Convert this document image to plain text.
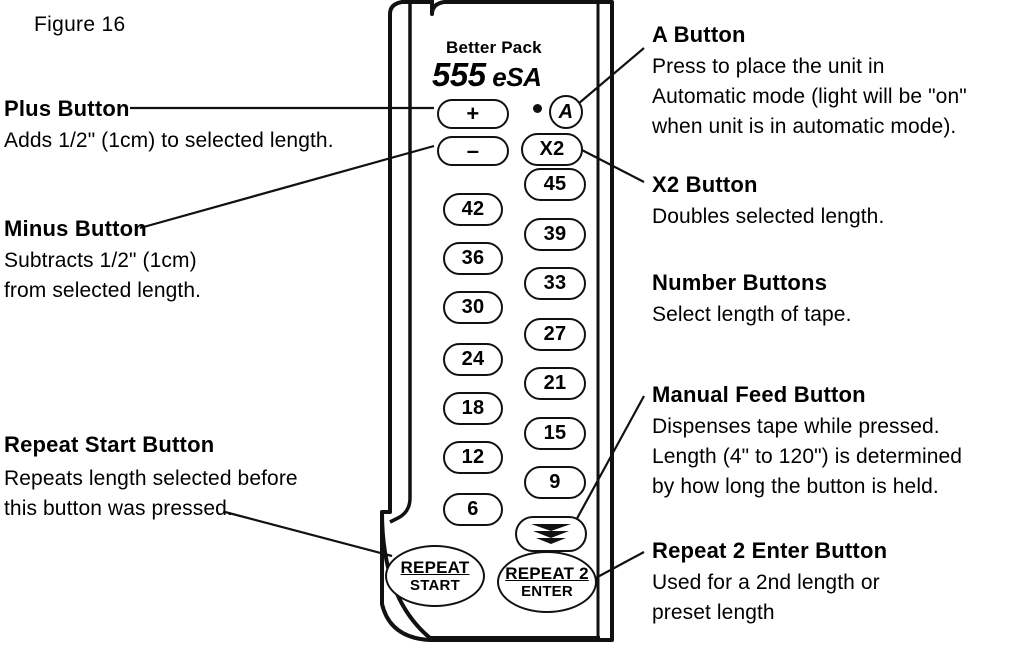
Figure 16
Better Pack
555 eSA
+
–
42
36
30
24
18
12
6
A
X2
45
39
33
27
21
15
9
REPEAT
START
REPEAT 2
ENTER
Plus Button
Adds 1/2" (1cm) to selected length.
Minus Button
Subtracts 1/2" (1cm)
from selected length.
Repeat Start Button
Repeats length selected before
this button was pressed.
A Button
Press to place the unit in
Automatic mode (light will be "on"
when unit is in automatic mode).
X2 Button
Doubles selected length.
Number Buttons
Select length of tape.
Manual Feed Button
Dispenses tape while pressed.
Length (4" to 120") is determined
by how long the button is held.
Repeat 2 Enter Button
Used for a 2nd length or
preset length
